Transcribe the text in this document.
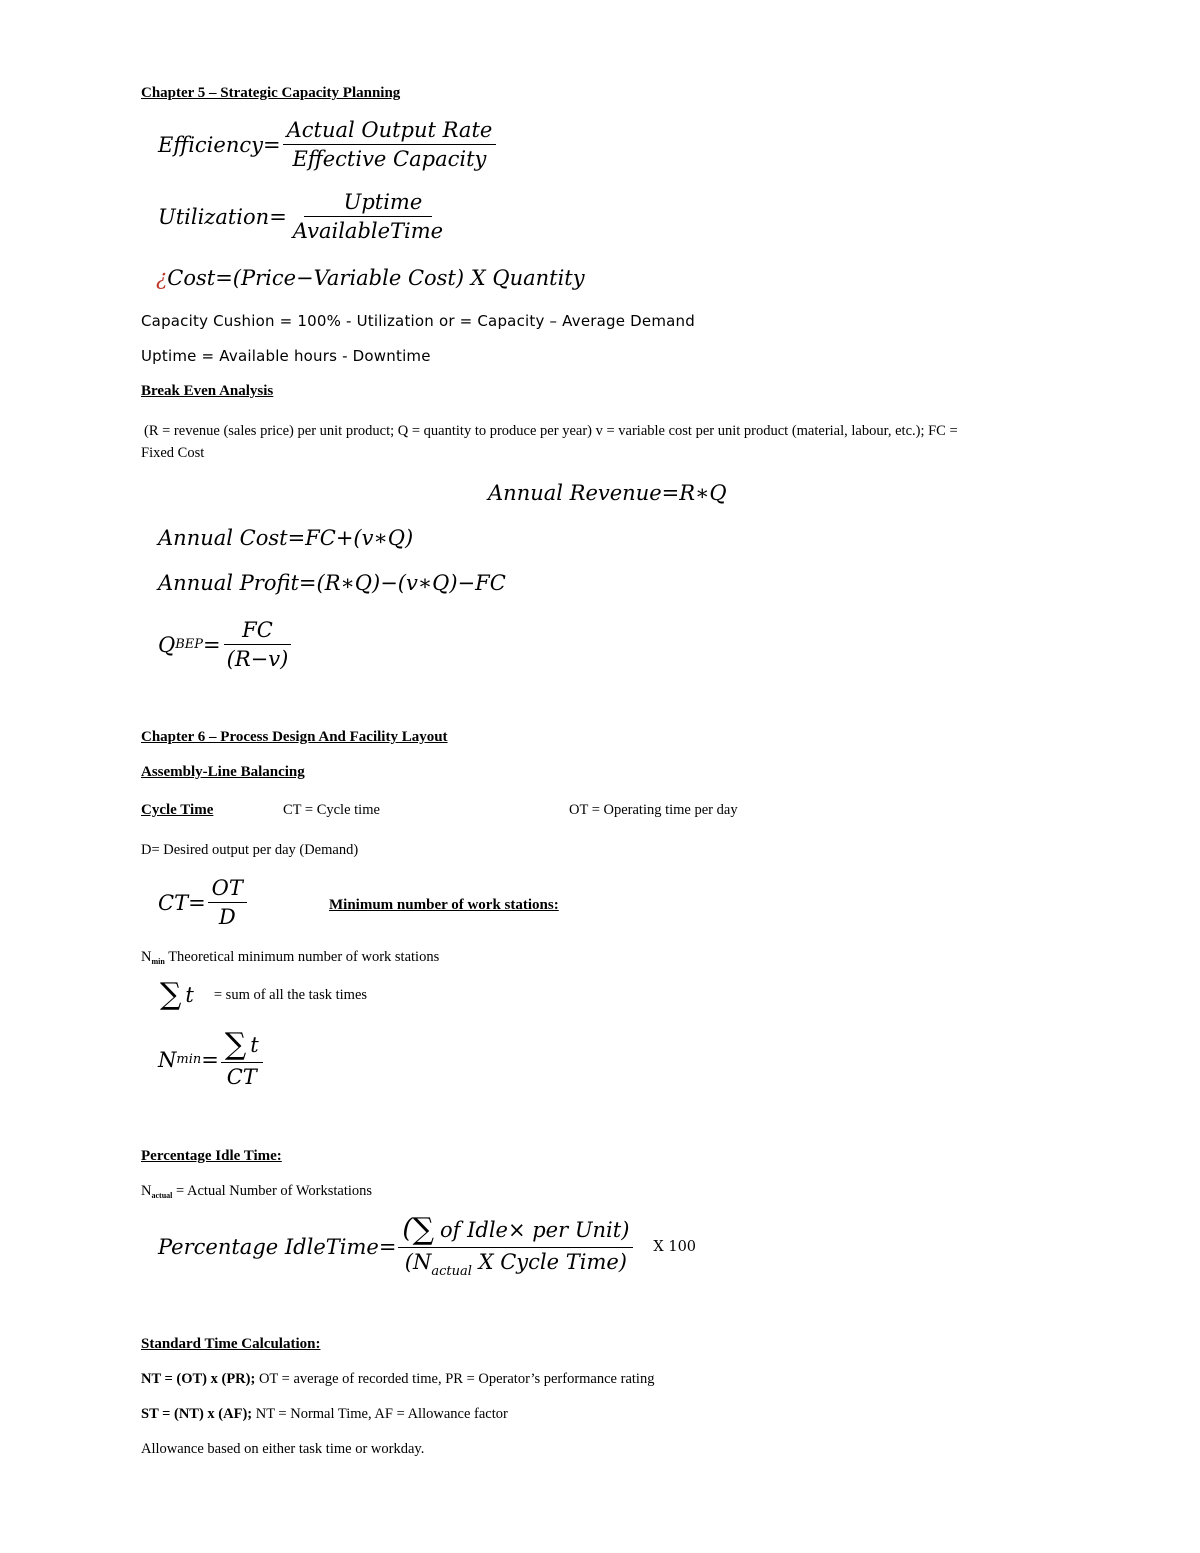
Chapter 5 – Strategic Capacity Planning
Efficiency= $\frac{\text{Actual Output Rate}}{\text{Effective Capacity}}$
Utilization= $\frac{\text{Uptime}}{\text{AvailableTime}}$
¿Cost=(Price−Variable Cost) X Quantity
Capacity Cushion = 100% - Utilization or = Capacity – Average Demand
Uptime = Available hours - Downtime
Break Even Analysis
(R = revenue (sales price) per unit product; Q = quantity to produce per year) v = variable cost per unit product (material, labour, etc.); FC =
Fixed Cost
Annual Revenue=R∗Q
Annual Cost=FC+(v∗Q)
Annual Profit=(R∗Q)−(v∗Q)−FC
Q BEP = $\frac{FC}{(R-v)}$
Chapter 6 – Process Design And Facility Layout
Assembly-Line Balancing
Cycle Time	CT = Cycle time	OT = Operating time per day
D= Desired output per day (Demand)
$CT= \frac{OT}{D}$	Minimum number of work stations:
$N_{min}$ Theoretical minimum number of work stations
∑ t = sum of all the task times
N $\min = \frac{\sum t}{CT}$
Percentage Idle Time:
$N_{actual}$ = Actual Number of Workstations
Percentage IdleTime= $\frac{\text{( ∑ of Idle× per Unit)}}{(N_{actual} X Cycle Time)}$ X 100
Standard Time Calculation:
NT = (OT) x (PR); OT = average of recorded time, PR = Operator’s performance rating
ST = (NT) x (AF); NT = Normal Time, AF = Allowance factor
Allowance based on either task time or workday.
